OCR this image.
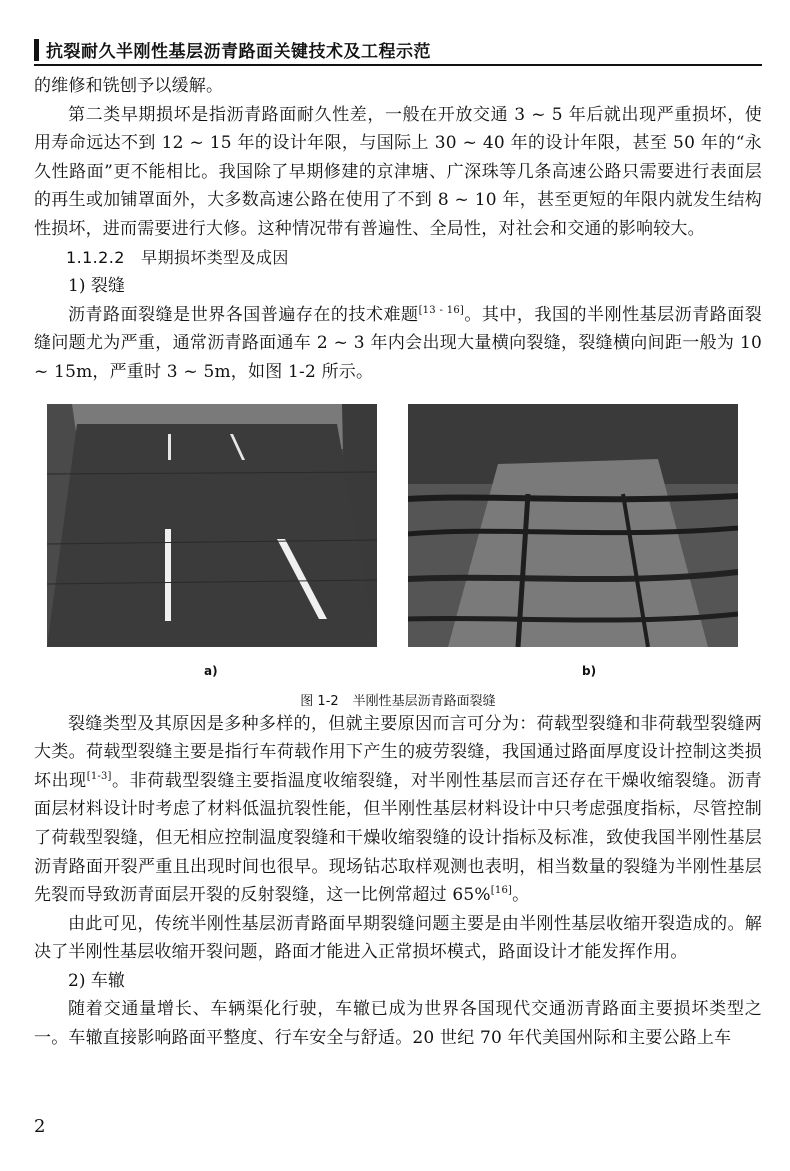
抗裂耐久半刚性基层沥青路面关键技术及工程示范

的维修和铣刨予以缓解。

第二类早期损坏是指沥青路面耐久性差，一般在开放交通 3 ~ 5 年后就出现严重损坏，使用寿命远达不到 12 ~ 15 年的设计年限，与国际上 30 ~ 40 年的设计年限，甚至 50 年的“永久性路面”更不能相比。我国除了早期修建的京津塘、广深珠等几条高速公路只需要进行表面层的再生或加铺罩面外，大多数高速公路在使用了不到 8 ~ 10 年，甚至更短的年限内就发生结构性损坏，进而需要进行大修。这种情况带有普遍性、全局性，对社会和交通的影响较大。

1.1.2.2　早期损坏类型及成因

1) 裂缝

沥青路面裂缝是世界各国普遍存在的技术难题[13 - 16]。其中，我国的半刚性基层沥青路面裂缝问题尤为严重，通常沥青路面通车 2 ~ 3 年内会出现大量横向裂缝，裂缝横向间距一般为 10 ~ 15m，严重时 3 ~ 5m，如图 1-2 所示。

a)	b)
图 1-2 半刚性基层沥青路面裂缝

裂缝类型及其原因是多种多样的，但就主要原因而言可分为：荷载型裂缝和非荷载型裂缝两大类。荷载型裂缝主要是指行车荷载作用下产生的疲劳裂缝，我国通过路面厚度设计控制这类损坏出现[1-3]。非荷载型裂缝主要指温度收缩裂缝，对半刚性基层而言还存在干燥收缩裂缝。沥青面层材料设计时考虑了材料低温抗裂性能，但半刚性基层材料设计中只考虑强度指标，尽管控制了荷载型裂缝，但无相应控制温度裂缝和干燥收缩裂缝的设计指标及标准，致使我国半刚性基层沥青路面开裂严重且出现时间也很早。现场钻芯取样观测也表明，相当数量的裂缝为半刚性基层先裂而导致沥青面层开裂的反射裂缝，这一比例常超过 65%[16]。

由此可见，传统半刚性基层沥青路面早期裂缝问题主要是由半刚性基层收缩开裂造成的。解决了半刚性基层收缩开裂问题，路面才能进入正常损坏模式，路面设计才能发挥作用。

2) 车辙

随着交通量增长、车辆渠化行驶，车辙已成为世界各国现代交通沥青路面主要损坏类型之一。车辙直接影响路面平整度、行车安全与舒适。20 世纪 70 年代美国州际和主要公路上车

2
